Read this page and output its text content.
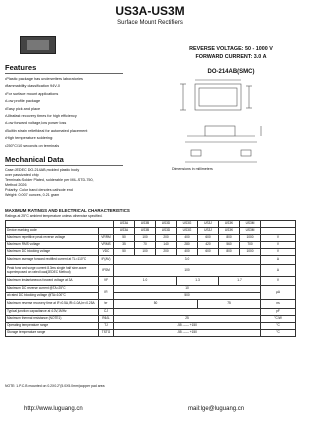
US3A-US3M
Surface Mount Rectifiers
REVERSE VOLTAGE: 50 - 1000 V
FORWARD CURRENT: 3.0 A
DO-214AB(SMC)
Dimensions in millimeters
Features
• Plastic package has underwriters laboratories
• flammability classification 94V-0
• For surface mount applications
• Low profile package
• Easy pick and place
• Ultrafast recovery times for high efficiency
• Low forward voltage,low power loss
• Builtin strain reliefideal for automated placement
• High temperature soldering:
• 250°C/10 seconds on terminals
Mechanical Data
Case:JEDEC DO-214AB,molded plastic body
over passivated chip
Terminals:Solder Plated, solderable per MIL-STD-750,
Method 2026
Polarity: Color band denotes cathode end
Weight: 0.007 ounces, 0.21 gram
MAXIMUM RATINGS AND ELECTRICAL CHARACTERISTICS
Ratings at 25°C ambient temperature unless otherwise specified.
		US3A	US3B	US3D	US3G	US3J	US3K	US3M	
Device marking code		US3A	US3B	US3D	US3G	US3J	US3K	US3M	
Maximum repetitive peak reverse voltage	VRRM	50	100	200	400	600	800	1000	V
Maximum RMS voltage	VRMS	35	70	140	280	420	560	700	V
Maximum DC blocking voltage	VDC	50	100	200	400	600	800	1000	V
Maximum average forward rectified current at TL=110°C	IF(AV)	3.0							A
Peak forw ard surge current 8.3ms single half sine-wave superimposed on rated load(JEDEC Method)	IFSM	100							A
Maximum instantaneous forward voltage at 3A	VF	1.0			1.3		1.7		V
Maximum DC reverse current @TA=25°C	IR	10							µA
at rated DC blocking voltage @TA=100°C		500							
Maximum reverse recovery time at IF=0.5A,IR=1.0A,Irr=0.25A	trr	50				75			ns
Typical junction capacitance at 4.0V,1MHz	CJ								pF
Maximum thermal resistance (NOTE1)	RθJL	25							°C/W
Operating temperature range	TJ	-55 ------ +150							°C
Storage temperature range	TSTG	-55 ------ +150							°C
NOTE: 1.P.C.B mounted on 0.2X0.2"(5.0X5.0mm)copper pad area
http://www.luguang.cn	mail:lge@luguang.cn
